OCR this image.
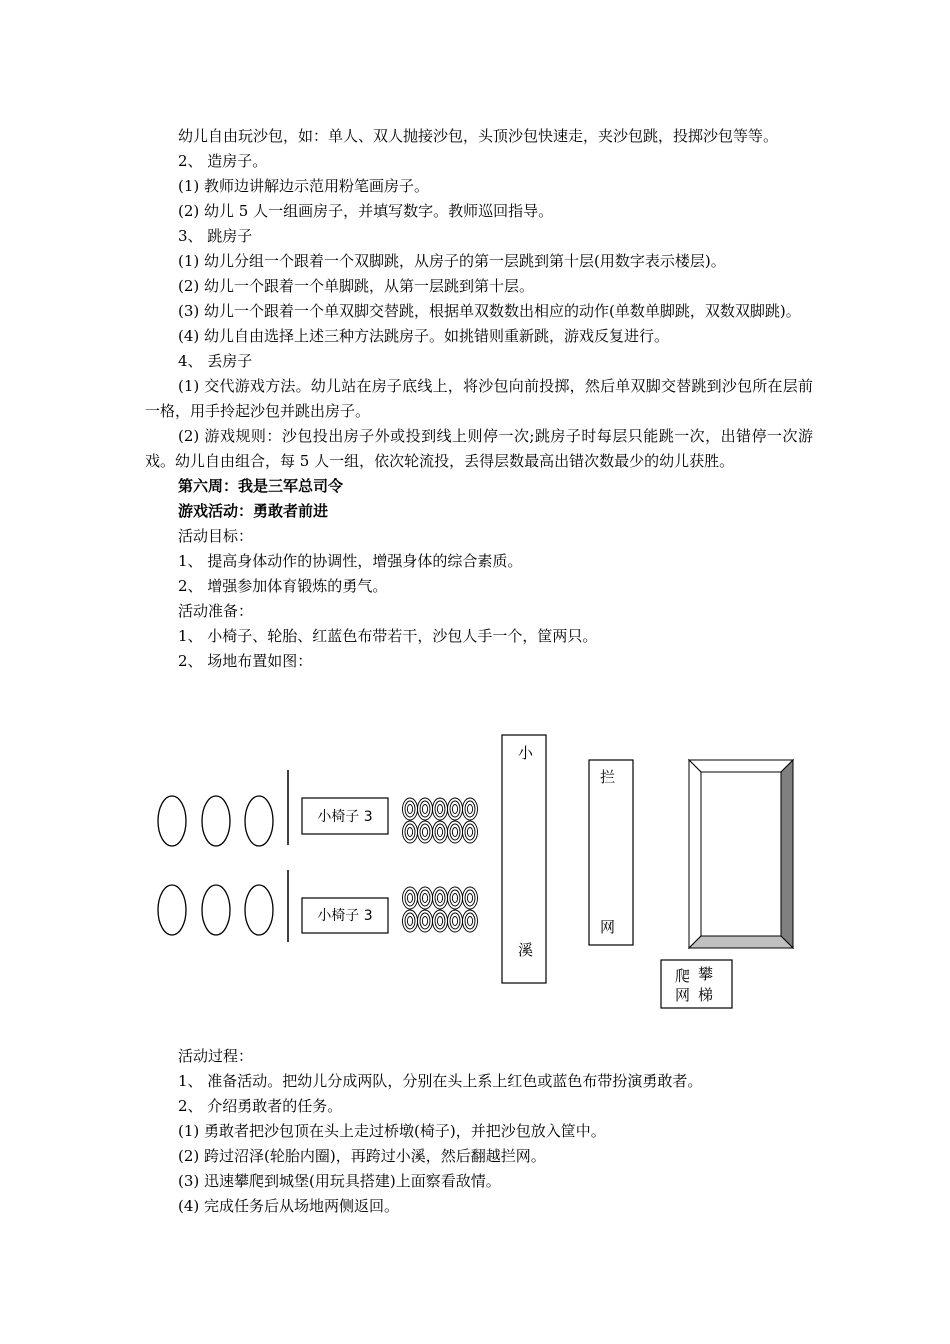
幼儿自由玩沙包，如：单人、双人抛接沙包，头顶沙包快速走，夹沙包跳，投掷沙包等等。

2、 造房子。

(1) 教师边讲解边示范用粉笔画房子。

(2) 幼儿 5 人一组画房子，并填写数字。教师巡回指导。

3、 跳房子

(1) 幼儿分组一个跟着一个双脚跳，从房子的第一层跳到第十层(用数字表示楼层)。

(2) 幼儿一个跟着一个单脚跳，从第一层跳到第十层。

(3) 幼儿一个跟着一个单双脚交替跳，根据单双数数出相应的动作(单数单脚跳，双数双脚跳)。

(4) 幼儿自由选择上述三种方法跳房子。如挑错则重新跳，游戏反复进行。

4、 丢房子

(1) 交代游戏方法。幼儿站在房子底线上，将沙包向前投掷，然后单双脚交替跳到沙包所在层前一格，用手拎起沙包并跳出房子。

(2) 游戏规则：沙包投出房子外或投到线上则停一次;跳房子时每层只能跳一次，出错停一次游戏。幼儿自由组合，每 5 人一组，依次轮流投，丢得层数最高出错次数最少的幼儿获胜。

第六周：我是三军总司令

游戏活动：勇敢者前进

活动目标：

1、 提高身体动作的协调性，增强身体的综合素质。

2、 增强参加体育锻炼的勇气。

活动准备：

1、 小椅子、轮胎、红蓝色布带若干，沙包人手一个，筐两只。

2、 场地布置如图：

小椅子 3
小椅子 3
小
溪
拦
网
爬 攀
网 梯

活动过程：

1、 准备活动。把幼儿分成两队，分别在头上系上红色或蓝色布带扮演勇敢者。

2、 介绍勇敢者的任务。

(1) 勇敢者把沙包顶在头上走过桥墩(椅子)，并把沙包放入筐中。

(2) 跨过沼泽(轮胎内圈)，再跨过小溪，然后翻越拦网。

(3) 迅速攀爬到城堡(用玩具搭建)上面察看敌情。

(4) 完成任务后从场地两侧返回。
